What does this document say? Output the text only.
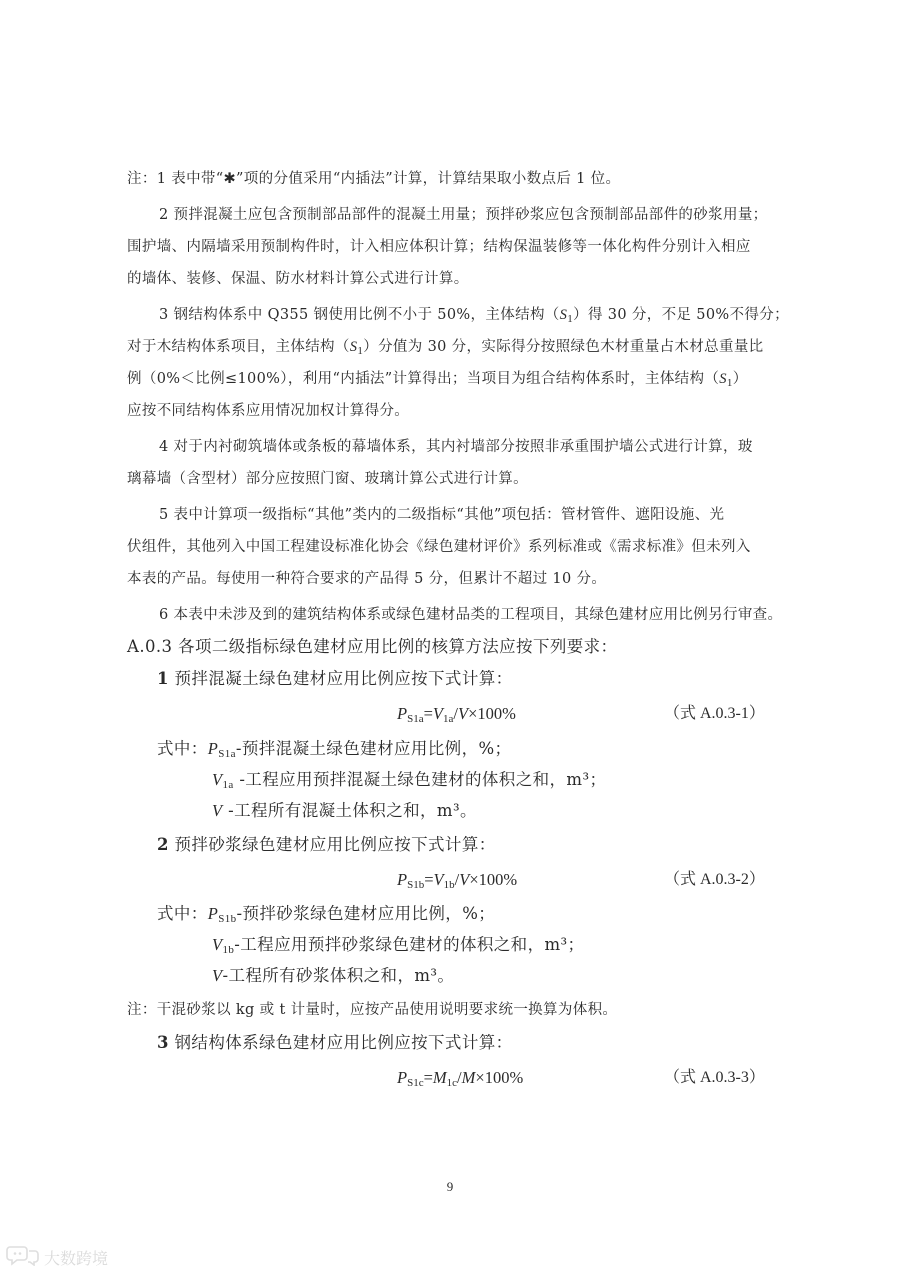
注：1 表中带“✱”项的分值采用“内插法”计算，计算结果取小数点后 1 位。
2 预拌混凝土应包含预制部品部件的混凝土用量；预拌砂浆应包含预制部品部件的砂浆用量；
围护墙、内隔墙采用预制构件时，计入相应体积计算；结构保温装修等一体化构件分别计入相应
的墙体、装修、保温、防水材料计算公式进行计算。
3 钢结构体系中 Q355 钢使用比例不小于 50%，主体结构$(S_1)$得 30 分，不足 50%不得分；
对于木结构体系项目，主体结构$(S_1)$分值为 30 分，实际得分按照绿色木材重量占木材总重量比
例（0%＜比例≤100%），利用“内插法”计算得出；当项目为组合结构体系时，主体结构$(S_1)$
应按不同结构体系应用情况加权计算得分。
4 对于内衬砌筑墙体或条板的幕墙体系，其内衬墙部分按照非承重围护墙公式进行计算，玻
璃幕墙（含型材）部分应按照门窗、玻璃计算公式进行计算。
5 表中计算项一级指标“其他”类内的二级指标“其他”项包括：管材管件、遮阳设施、光
伏组件，其他列入中国工程建设标准化协会《绿色建材评价》系列标准或《需求标准》但未列入
本表的产品。每使用一种符合要求的产品得 5 分，但累计不超过 10 分。
6 本表中未涉及到的建筑结构体系或绿色建材品类的工程项目，其绿色建材应用比例另行审查。
A.0.3 各项二级指标绿色建材应用比例的核算方法应按下列要求：
1 预拌混凝土绿色建材应用比例应按下式计算：
$P_{S1a}=V_{1a}/V\times 100\%$	（式 A.0.3-1）
式中：$P_{S1a}-$预拌混凝土绿色建材应用比例，%；
$V_{1a}$ -工程应用预拌混凝土绿色建材的体积之和，m³；
V -工程所有混凝土体积之和，m³。
2 预拌砂浆绿色建材应用比例应按下式计算：
$P_{S1b}=V_{1b}/V\times 100\%$	（式 A.0.3-2）
式中：$P_{S1b}-$预拌砂浆绿色建材应用比例，%；
$V_{1b}-$工程应用预拌砂浆绿色建材的体积之和，m³；
V-工程所有砂浆体积之和，m³。
注：干混砂浆以 kg 或 t 计量时，应按产品使用说明要求统一换算为体积。
3 钢结构体系绿色建材应用比例应按下式计算：
$P_{S1c}=M_{1c}/M\times 100\%$	（式 A.0.3-3）
9
大数跨境
